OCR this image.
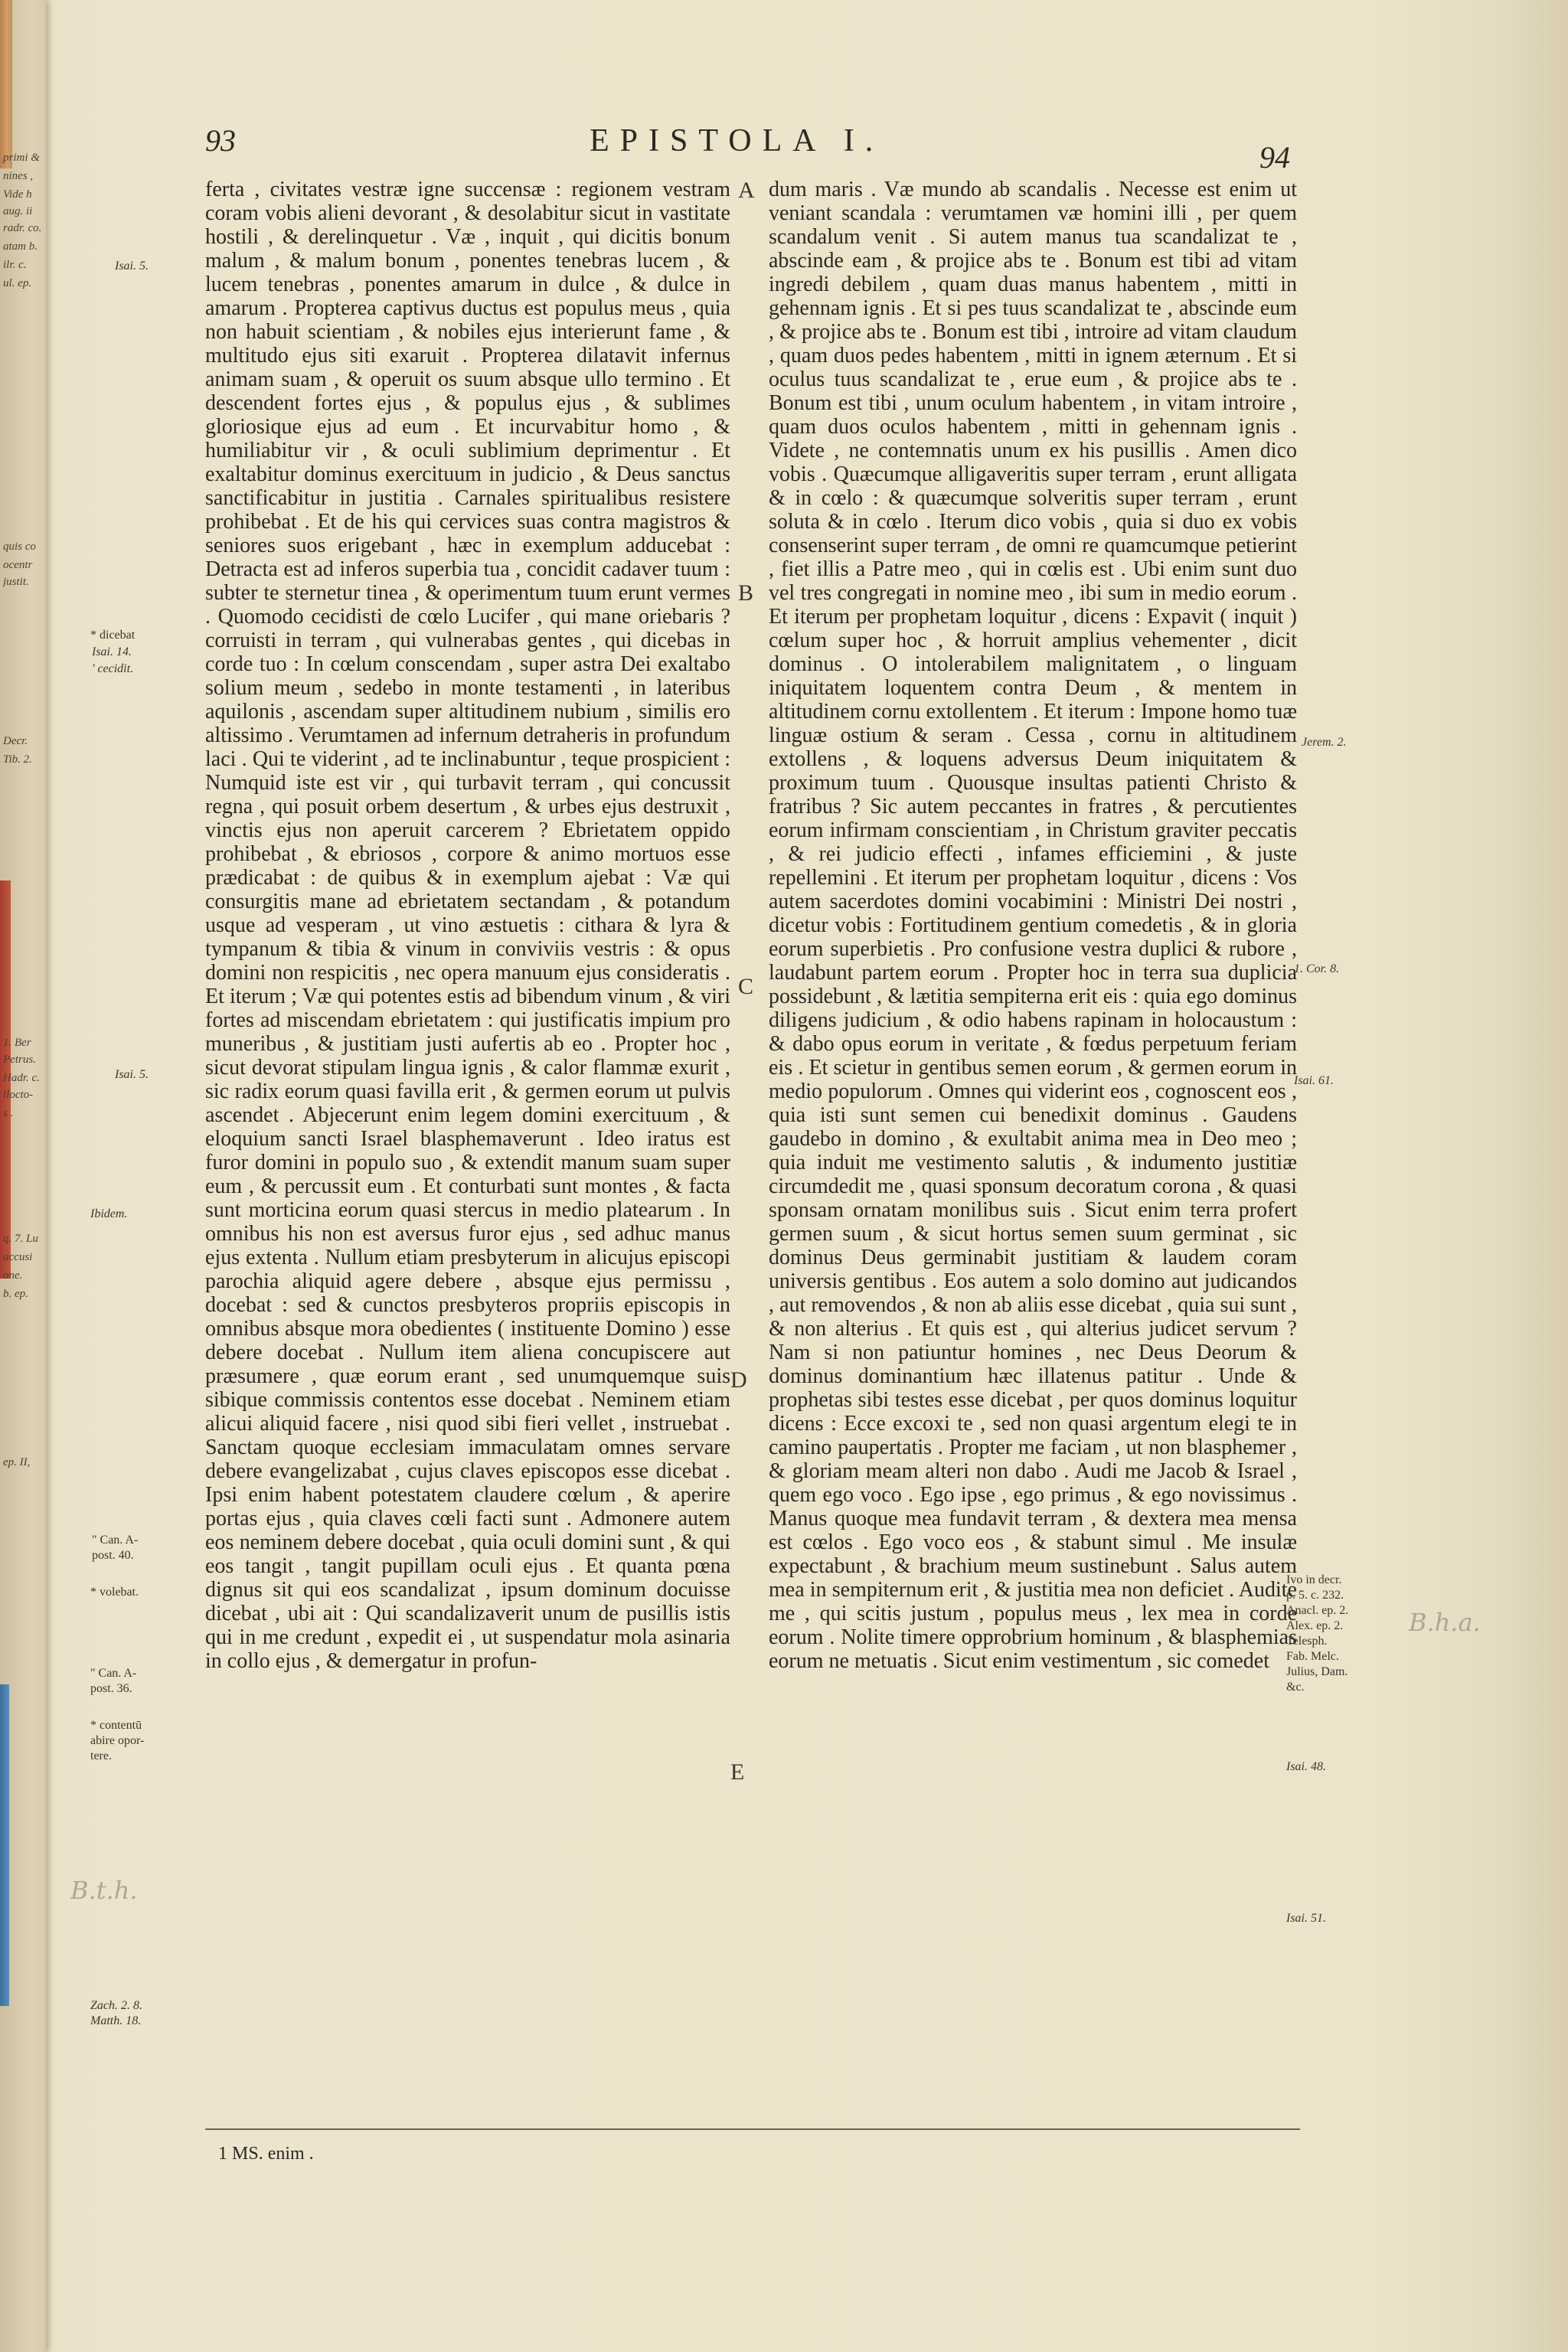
primi &
nines ,
Vide h
aug. ii
radr. co.
atam b.
ilr. c.
ul. ep.
quis co
ocentr
justit.
Decr.
Tib. 2.
1. Ber
Petrus.
Hadr. c.
llocto-
s .
q. 7. Lu
accusi
one.
b. ep.
ep. II,
93	EPISTOLA I.	94

ferta , civitates vestræ igne succensæ : regionem vestram coram vobis alieni devorant , & desolabitur sicut in vastitate hostili , & derelinquetur . Væ , inquit , qui dicitis bonum malum , & malum bonum , ponentes tenebras lucem , & lucem tenebras , ponentes amarum in dulce , & dulce in amarum . Propterea captivus ductus est populus meus , quia non habuit scientiam , & nobiles ejus interierunt fame , & multitudo ejus siti exaruit . Propterea dilatavit infernus animam suam , & operuit os suum absque ullo termino . Et descendent fortes ejus , & populus ejus , & sublimes gloriosique ejus ad eum . Et incurvabitur homo , & humiliabitur vir , & oculi sublimium deprimentur . Et exaltabitur dominus exercituum in judicio , & Deus sanctus sanctificabitur in justitia . Carnales spiritualibus resistere prohibebat . Et de his qui cervices suas contra magistros & seniores suos erigebant , hæc in exemplum adducebat : Detracta est ad inferos superbia tua , concidit cadaver tuum : subter te sternetur tinea , & operimentum tuum erunt vermes . Quomodo cecidisti de cœlo Lucifer , qui mane oriebaris ? corruisti in terram , qui vulnerabas gentes , qui dicebas in corde tuo : In cœlum conscendam , super astra Dei exaltabo solium meum , sedebo in monte testamenti , in lateribus aquilonis , ascendam super altitudinem nubium , similis ero altissimo . Verumtamen ad infernum detraheris in profundum laci . Qui te viderint , ad te inclinabuntur , teque prospicient : Numquid iste est vir , qui turbavit terram , qui concussit regna , qui posuit orbem desertum , & urbes ejus destruxit , vinctis ejus non aperuit carcerem ? Ebrietatem oppido prohibebat , & ebriosos , corpore & animo mortuos esse prædicabat : de quibus & in exemplum ajebat : Væ qui consurgitis mane ad ebrietatem sectandam , & potandum usque ad vesperam , ut vino æstuetis : cithara & lyra & tympanum & tibia & vinum in conviviis vestris : & opus domini non respicitis , nec opera manuum ejus consideratis . Et iterum ; Væ qui potentes estis ad bibendum vinum , & viri fortes ad miscendam ebrietatem : qui justificatis impium pro muneribus , & justitiam justi aufertis ab eo . Propter hoc , sicut devorat stipulam lingua ignis , & calor flammæ exurit , sic radix eorum quasi favilla erit , & germen eorum ut pulvis ascendet . Abjecerunt enim legem domini exercituum , & eloquium sancti Israel blasphemaverunt . Ideo iratus est furor domini in populo suo , & extendit manum suam super eum , & percussit eum . Et conturbati sunt montes , & facta sunt morticina eorum quasi stercus in medio platearum . In omnibus his non est aversus furor ejus , sed adhuc manus ejus extenta . Nullum etiam presbyterum in alicujus episcopi parochia aliquid agere debere , absque ejus permissu , docebat : sed & cunctos presbyteros propriis episcopis in omnibus absque mora obedientes ( instituente Domino ) esse debere docebat . Nullum item aliena concupiscere aut præsumere , quæ eorum erant , sed unumquemque suis sibique commissis contentos esse docebat . Neminem etiam alicui aliquid facere , nisi quod sibi fieri vellet , instruebat . Sanctam quoque ecclesiam immaculatam omnes servare debere evangelizabat , cujus claves episcopos esse dicebat . Ipsi enim habent potestatem claudere cœlum , & aperire portas ejus , quia claves cœli facti sunt . Admonere autem eos neminem debere docebat , quia oculi domini sunt , & qui eos tangit , tangit pupillam oculi ejus . Et quanta pœna dignus sit qui eos scandalizat , ipsum dominum docuisse dicebat , ubi ait : Qui scandalizaverit unum de pusillis istis qui in me credunt , expedit ei , ut suspendatur mola asinaria in collo ejus , & demergatur in profun-

dum maris . Væ mundo ab scandalis . Necesse est enim ut veniant scandala : verumtamen væ homini illi , per quem scandalum venit . Si autem manus tua scandalizat te , abscinde eam , & projice abs te . Bonum est tibi ad vitam ingredi debilem , quam duas manus habentem , mitti in gehennam ignis . Et si pes tuus scandalizat te , abscinde eum , & projice abs te . Bonum est tibi , introire ad vitam claudum , quam duos pedes habentem , mitti in ignem æternum . Et si oculus tuus scandalizat te , erue eum , & projice abs te . Bonum est tibi , unum oculum habentem , in vitam introire , quam duos oculos habentem , mitti in gehennam ignis . Videte , ne contemnatis unum ex his pusillis . Amen dico vobis . Quæcumque alligaveritis super terram , erunt alligata & in cœlo : & quæcumque solveritis super terram , erunt soluta & in cœlo . Iterum dico vobis , quia si duo ex vobis consenserint super terram , de omni re quamcumque petierint , fiet illis a Patre meo , qui in cœlis est . Ubi enim sunt duo vel tres congregati in nomine meo , ibi sum in medio eorum . Et iterum per prophetam loquitur , dicens : Expavit ( inquit ) cœlum super hoc , & horruit amplius vehementer , dicit dominus . O intolerabilem malignitatem , o linguam iniquitatem loquentem contra Deum , & mentem in altitudinem cornu extollentem . Et iterum : Impone homo tuæ linguæ ostium & seram . Cessa , cornu in altitudinem extollens , & loquens adversus Deum iniquitatem & proximum tuum . Quousque insultas patienti Christo & fratribus ? Sic autem peccantes in fratres , & percutientes eorum infirmam conscientiam , in Christum graviter peccatis , & rei judicio effecti , infames efficiemini , & juste repellemini . Et iterum per prophetam loquitur , dicens : Vos autem sacerdotes domini vocabimini : Ministri Dei nostri , dicetur vobis : Fortitudinem gentium comedetis , & in gloria eorum superbietis . Pro confusione vestra duplici & rubore , laudabunt partem eorum . Propter hoc in terra sua duplicia possidebunt , & lætitia sempiterna erit eis : quia ego dominus diligens judicium , & odio habens rapinam in holocaustum : & dabo opus eorum in veritate , & fœdus perpetuum feriam eis . Et scietur in gentibus semen eorum , & germen eorum in medio populorum . Omnes qui viderint eos , cognoscent eos , quia isti sunt semen cui benedixit dominus . Gaudens gaudebo in domino , & exultabit anima mea in Deo meo ; quia induit me vestimento salutis , & indumento justitiæ circumdedit me , quasi sponsum decoratum corona , & quasi sponsam ornatam monilibus suis . Sicut enim terra profert germen suum , & sicut hortus semen suum germinat , sic dominus Deus germinabit justitiam & laudem coram universis gentibus . Eos autem a solo domino aut judicandos , aut removendos , & non ab aliis esse dicebat , quia sui sunt , & non alterius . Et quis est , qui alterius judicet servum ? Nam si non patiuntur homines , nec Deus Deorum & dominus dominantium hæc illatenus patitur . Unde & prophetas sibi testes esse dicebat , per quos dominus loquitur dicens : Ecce excoxi te , sed non quasi argentum elegi te in camino paupertatis . Propter me faciam , ut non blasphemer , & gloriam meam alteri non dabo . Audi me Jacob & Israel , quem ego voco . Ego ipse , ego primus , & ego novissimus . Manus quoque mea fundavit terram , & dextera mea mensa est cœlos . Ego voco eos , & stabunt simul . Me insulæ expectabunt , & brachium meum sustinebunt . Salus autem mea in sempiternum erit , & justitia mea non deficiet . Audite me , qui scitis justum , populus meus , lex mea in corde eorum . Nolite timere opprobrium hominum , & blasphemias eorum ne metuatis . Sicut enim vestimentum , sic comedet

A
B
C
D
E
Isai. 5.
* dicebat
Isai. 14.
' cecidit.
Isai. 5.
Ibidem.
" Can. A-
post. 40.
* volebat.
" Can. A-
post. 36.
* contentū
abire opor-
tere.
Zach. 2. 8.
Matth. 18.
Jerem. 2.
1. Cor. 8.
Isai. 61.
Ivo in decr.
p. 5. c. 232.
Anacl. ep. 2.
Alex. ep. 2.
Telesph.
Fab. Melc.
Julius, Dam.
&c.
Isai. 48.
Isai. 51.
B.h.a.
B.t.h.
1 MS. enim .
